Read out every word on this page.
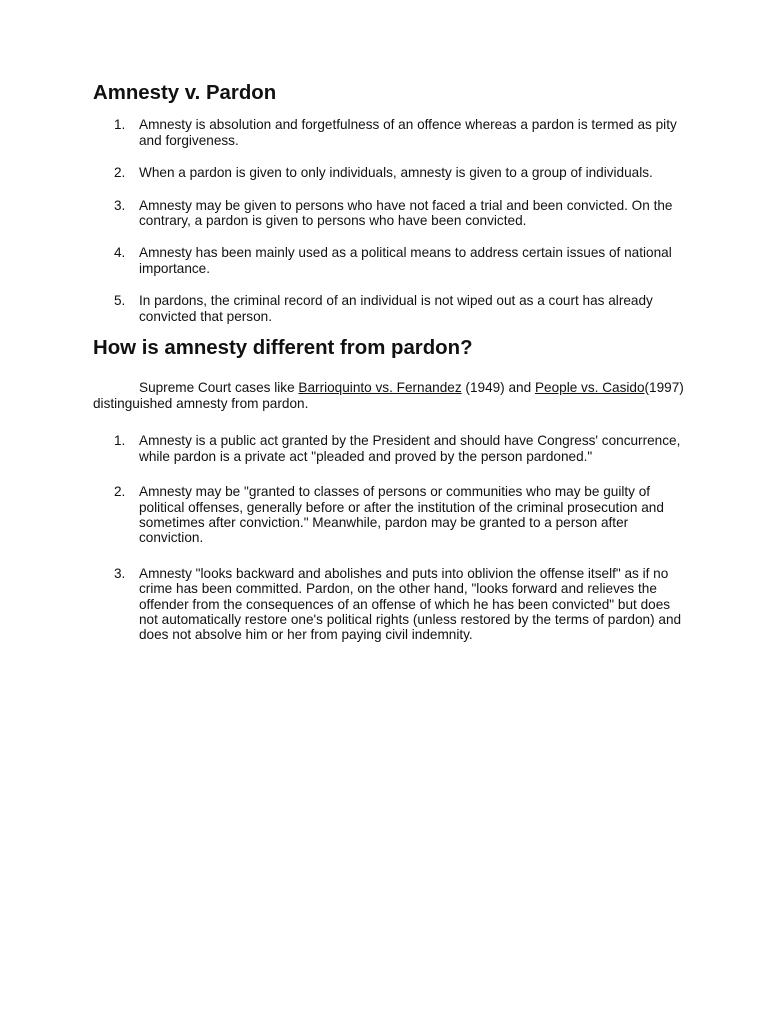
Amnesty v. Pardon
1. Amnesty is absolution and forgetfulness of an offence whereas a pardon is termed as pity and forgiveness.
2. When a pardon is given to only individuals, amnesty is given to a group of individuals.
3. Amnesty may be given to persons who have not faced a trial and been convicted. On the contrary, a pardon is given to persons who have been convicted.
4. Amnesty has been mainly used as a political means to address certain issues of national importance.
5. In pardons, the criminal record of an individual is not wiped out as a court has already convicted that person.
How is amnesty different from pardon?

Supreme Court cases like Barrioquinto vs. Fernandez (1949) and People vs. Casido(1997) distinguished amnesty from pardon.

1. Amnesty is a public act granted by the President and should have Congress' concurrence, while pardon is a private act "pleaded and proved by the person pardoned."
2. Amnesty may be "granted to classes of persons or communities who may be guilty of political offenses, generally before or after the institution of the criminal prosecution and sometimes after conviction." Meanwhile, pardon may be granted to a person after conviction.
3. Amnesty "looks backward and abolishes and puts into oblivion the offense itself" as if no crime has been committed. Pardon, on the other hand, "looks forward and relieves the offender from the consequences of an offense of which he has been convicted" but does not automatically restore one's political rights (unless restored by the terms of pardon) and does not absolve him or her from paying civil indemnity.
